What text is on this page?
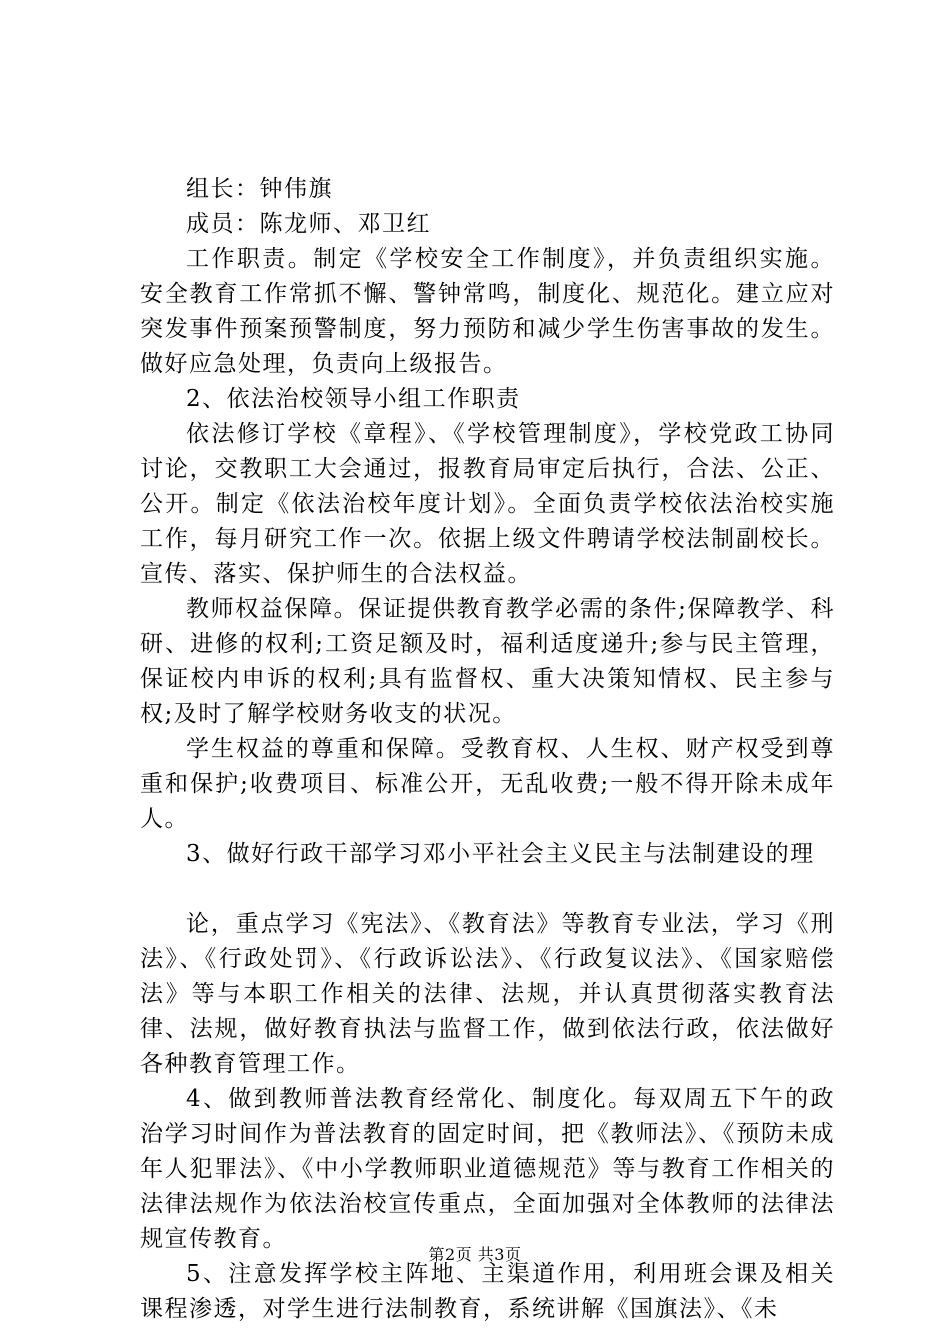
组长：钟伟旗

成员：陈龙师、邓卫红

工作职责。制定《学校安全工作制度》，并负责组织实施。安全教育工作常抓不懈、警钟常鸣，制度化、规范化。建立应对突发事件预案预警制度，努力预防和减少学生伤害事故的发生。做好应急处理，负责向上级报告。

2、依法治校领导小组工作职责

依法修订学校《章程》、《学校管理制度》，学校党政工协同讨论，交教职工大会通过，报教育局审定后执行，合法、公正、公开。制定《依法治校年度计划》。全面负责学校依法治校实施工作，每月研究工作一次。依据上级文件聘请学校法制副校长。宣传、落实、保护师生的合法权益。

教师权益保障。保证提供教育教学必需的条件;保障教学、科研、进修的权利;工资足额及时，福利适度递升;参与民主管理，保证校内申诉的权利;具有监督权、重大决策知情权、民主参与权;及时了解学校财务收支的状况。

学生权益的尊重和保障。受教育权、人生权、财产权受到尊重和保护;收费项目、标准公开，无乱收费;一般不得开除未成年人。

3、做好行政干部学习邓小平社会主义民主与法制建设的理

论，重点学习《宪法》、《教育法》等教育专业法，学习《刑法》、《行政处罚》、《行政诉讼法》、《行政复议法》、《国家赔偿法》等与本职工作相关的法律、法规，并认真贯彻落实教育法律、法规，做好教育执法与监督工作，做到依法行政，依法做好各种教育管理工作。

4、做到教师普法教育经常化、制度化。每双周五下午的政治学习时间作为普法教育的固定时间，把《教师法》、《预防未成年人犯罪法》、《中小学教师职业道德规范》等与教育工作相关的法律法规作为依法治校宣传重点，全面加强对全体教师的法律法规宣传教育。

5、注意发挥学校主阵地、主渠道作用，利用班会课及相关课程渗透，对学生进行法制教育，系统讲解《国旗法》、《未

第2页 共3页
